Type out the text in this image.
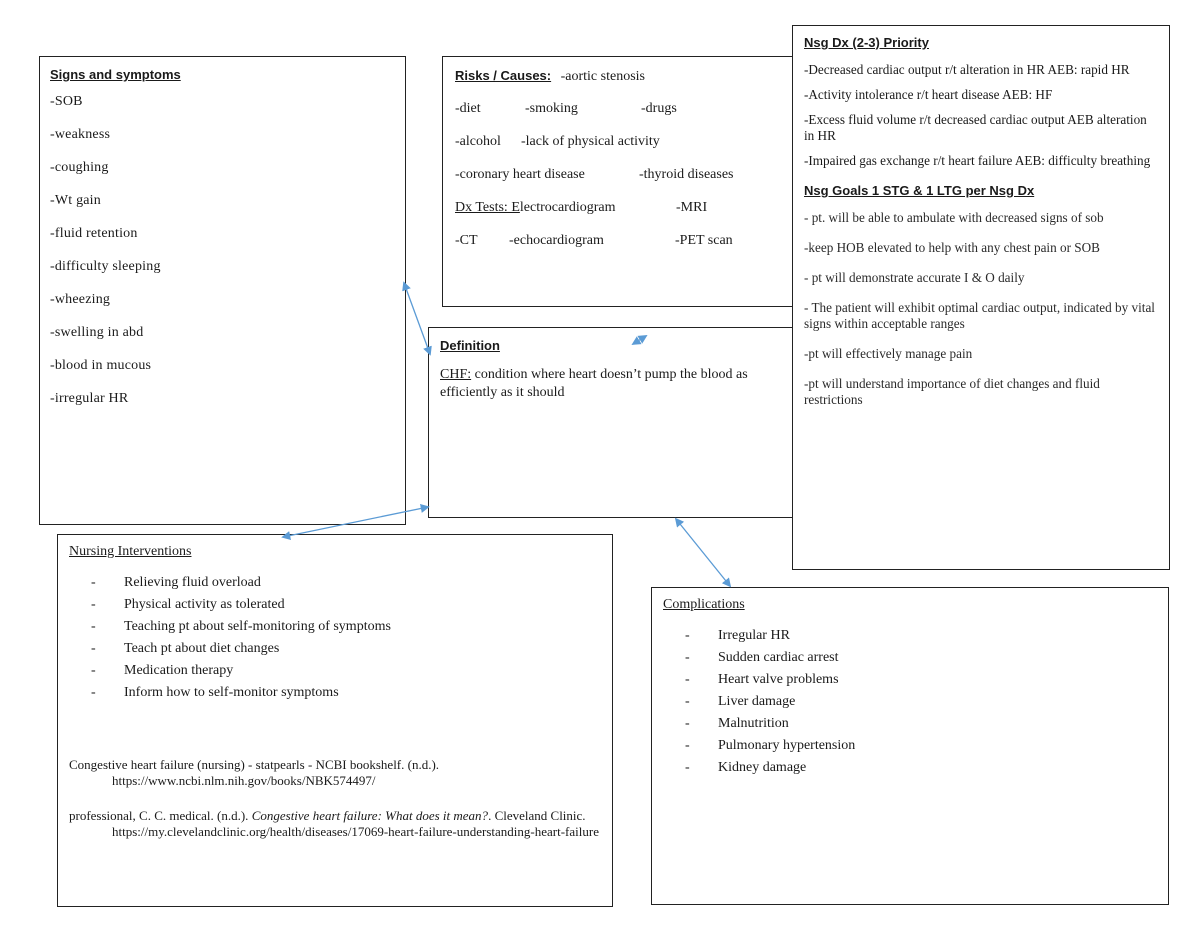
Signs and symptoms
-SOB
-weakness
-coughing
-Wt gain
-fluid retention
-difficulty sleeping
-wheezing
-swelling in abd
-blood in mucous
-irregular HR
Risks / Causes: -aortic stenosis
-diet	-smoking	-drugs
-alcohol -lack of physical activity
-coronary heart disease	-thyroid diseases
Dx Tests: Electrocardiogram	-MRI
-CT -echocardiogram	-PET scan
Definition
CHF: condition where heart doesn’t pump the blood as efficiently as it should
Nsg Dx (2-3) Priority
-Decreased cardiac output r/t alteration in HR AEB: rapid HR
-Activity intolerance r/t heart disease AEB: HF
-Excess fluid volume r/t decreased cardiac output AEB alteration in HR
-Impaired gas exchange r/t heart failure AEB: difficulty breathing
Nsg Goals 1 STG & 1 LTG per Nsg Dx
- pt. will be able to ambulate with decreased signs of sob
-keep HOB elevated to help with any chest pain or SOB
- pt will demonstrate accurate I & O daily
- The patient will exhibit optimal cardiac output, indicated by vital signs within acceptable ranges
-pt will effectively manage pain
-pt will understand importance of diet changes and fluid restrictions
Nursing Interventions
- Relieving fluid overload
- Physical activity as tolerated
- Teaching pt about self-monitoring of symptoms
- Teach pt about diet changes
- Medication therapy
- Inform how to self-monitor symptoms
Congestive heart failure (nursing) - statpearls - NCBI bookshelf. (n.d.). https://www.ncbi.nlm.nih.gov/books/NBK574497/
professional, C. C. medical. (n.d.). Congestive heart failure: What does it mean?. Cleveland Clinic. https://my.clevelandclinic.org/health/diseases/17069-heart-failure-understanding-heart-failure
Complications
- Irregular HR
- Sudden cardiac arrest
- Heart valve problems
- Liver damage
- Malnutrition
- Pulmonary hypertension
- Kidney damage
